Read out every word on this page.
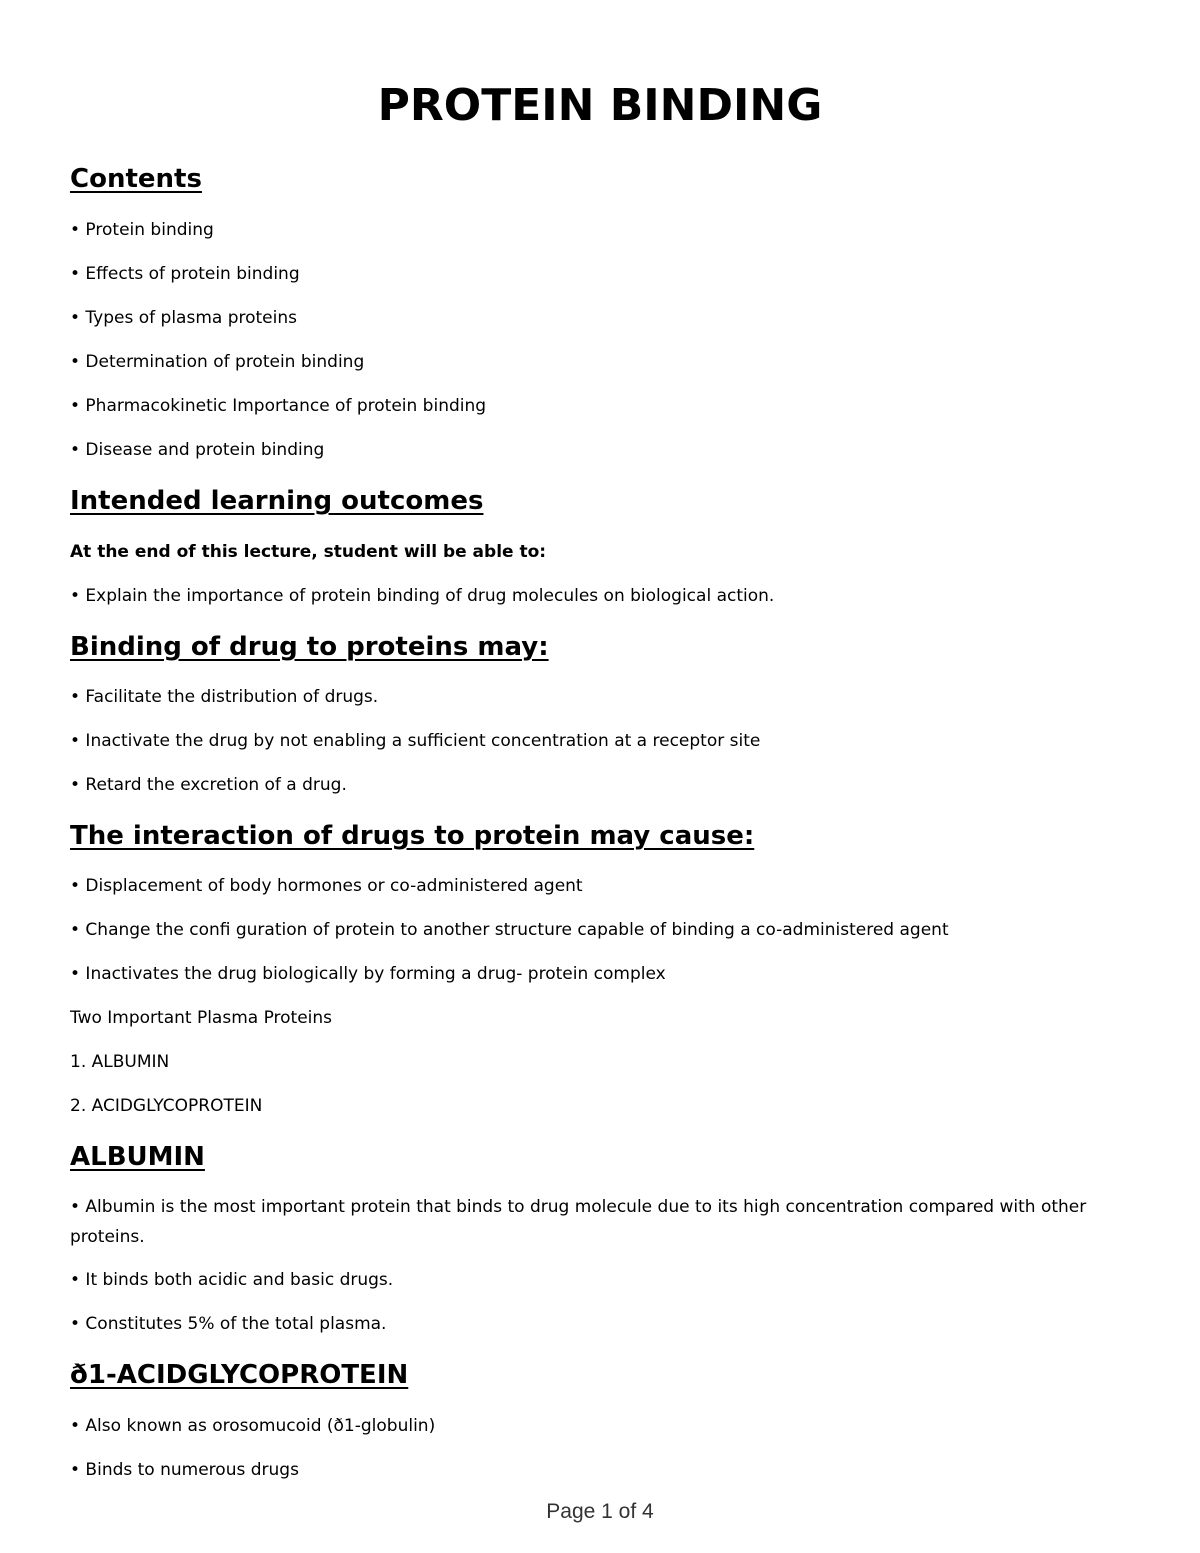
PROTEIN BINDING
Contents
• Protein binding
• Effects of protein binding
• Types of plasma proteins
• Determination of protein binding
• Pharmacokinetic Importance of protein binding
• Disease and protein binding
Intended learning outcomes
At the end of this lecture, student will be able to:
• Explain the importance of protein binding of drug molecules on biological action.
Binding of drug to proteins may:
• Facilitate the distribution of drugs.
• Inactivate the drug by not enabling a sufficient concentration at a receptor site
• Retard the excretion of a drug.
The interaction of drugs to protein may cause:
• Displacement of body hormones or co-administered agent
• Change the confi guration of protein to another structure capable of binding a co-administered agent
• Inactivates the drug biologically by forming a drug- protein complex
Two Important Plasma Proteins
1. ALBUMIN
2. ACIDGLYCOPROTEIN
ALBUMIN
• Albumin is the most important protein that binds to drug molecule due to its high concentration compared with other proteins.
• It binds both acidic and basic drugs.
• Constitutes 5% of the total plasma.
ð1-ACIDGLYCOPROTEIN
• Also known as orosomucoid (ð1-globulin)
• Binds to numerous drugs
Page 1 of 4
